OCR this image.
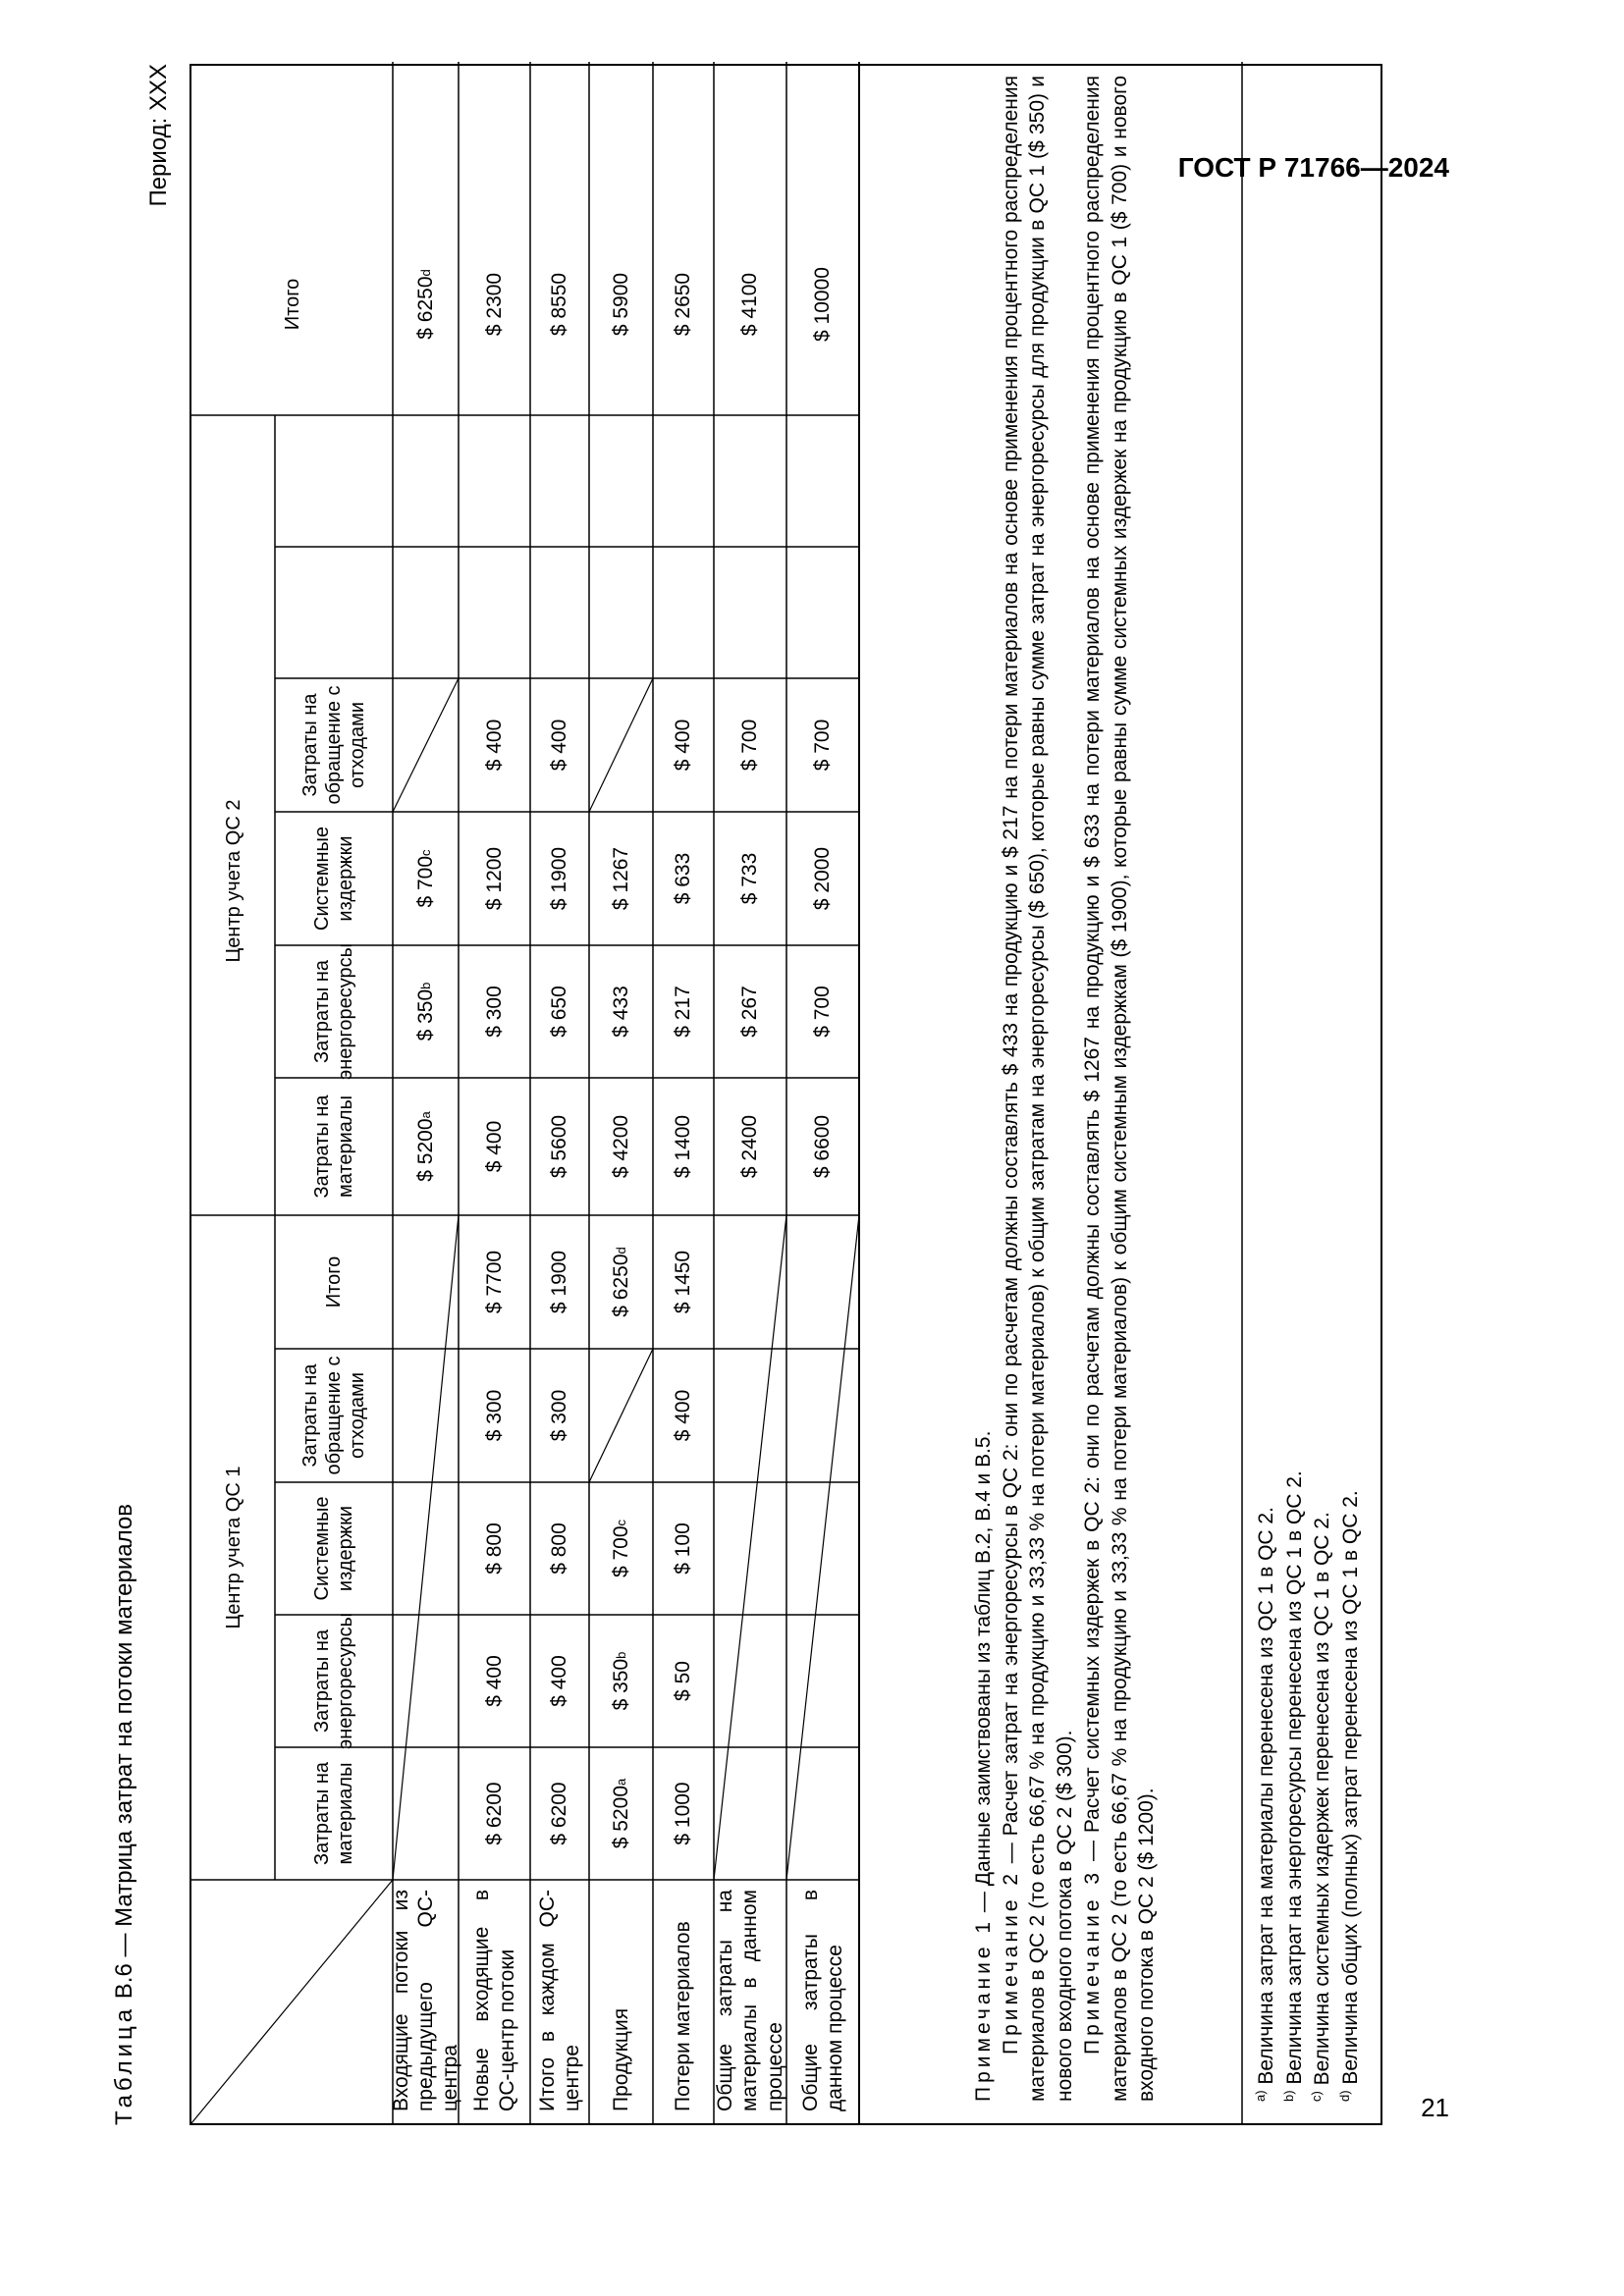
ГОСТ Р 71766—2024
21
Таблица В.6 — Матрица затрат на потоки материалов
Период: XXX
Центр учета QC 1
Центр учета QC 2
Итого
Затраты на материалы
Затраты на энергоресурсы
Системные издержки
Затраты на обращение с отходами
Итого
Затраты на материалы
Затраты на энергоресурсы
Системные издержки
Затраты на обращение с отходами
Входящие потоки из предыдущего QC-центра
$ 5200
a
$ 350
b
$ 700
c
$ 6250
d
Новые входящие в QC-центр потоки
$ 6200
$ 400
$ 800
$ 300
$ 7700
$ 400
$ 300
$ 1200
$ 400
$ 2300
Итого в каждом QC-центре
$ 6200
$ 400
$ 800
$ 300
$ 1900
$ 5600
$ 650
$ 1900
$ 400
$ 8550
Продукция
$ 5200
a
$ 350
b
$ 700
c
$ 6250
d
$ 4200
$ 433
$ 1267
$ 5900
Потери материалов
$ 1000
$ 50
$ 100
$ 400
$ 1450
$ 1400
$ 217
$ 633
$ 400
$ 2650
Общие затраты на материалы в данном процессе
$ 2400
$ 267
$ 733
$ 700
$ 4100
Общие затраты в данном процессе
$ 6600
$ 700
$ 2000
$ 700
$ 10000

Примечание 1 — Данные заимствованы из таблиц В.2, В.4 и В.5.

Примечание 2 — Расчет затрат на энергоресурсы в QC 2: они по расчетам должны составлять $ 433 на продукцию и $ 217 на потери материалов на основе применения процентного распределения материалов в QC 2 (то есть 66,67 % на продукцию и 33,33 % на потери материалов) к общим затратам на энергоресурсы ($ 650), которые равны сумме затрат на энергоресурсы для продукции в QC 1 ($ 350) и нового входного потока в QC 2 ($ 300). Примечание 3 — Расчет системных издержек в QC 2: они по расчетам должны составлять $ 1267 на продукцию и $ 633 на потери материалов на основе применения процентного распределения материалов в QC 2 (то есть 66,67 % на продукцию и 33,33 % на потери материалов) к общим системным издержкам ($ 1900), которые равны сумме системных издержек на продукцию в QC 1 ($ 700) и нового входного потока в QC 2 ($ 1200).	$^{a)}$ Величина затрат на материалы перенесена из QC 1 в QC 2.

$^{b)}$ Величина затрат на энергоресурсы перенесена из QC 1 в QC 2.

$^{c)}$ Величина системных издержек перенесена из QC 1 в QC 2.

$^{d)}$ Величина общих (полных) затрат перенесена из QC 1 в QC 2.
